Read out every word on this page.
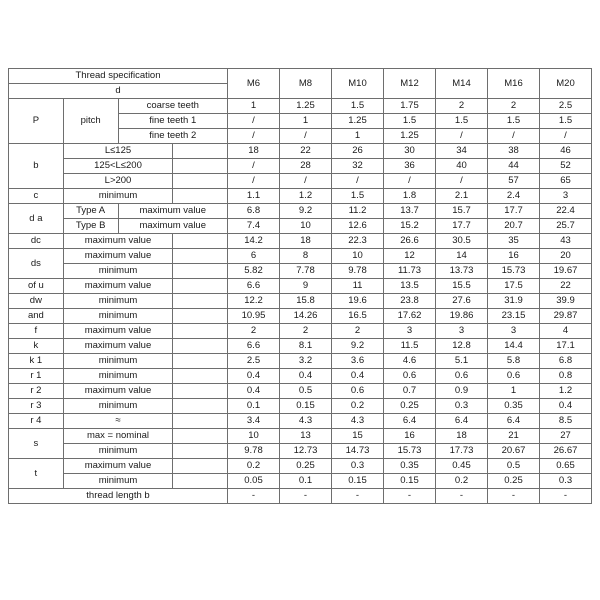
Thread specification				M6	M8	M10	M12	M14	M16	M20
d										
P	pitch	coarse teeth		1	1.25	1.5	1.75	2	2	2.5
		fine teeth 1		/	1	1.25	1.5	1.5	1.5	1.5
		fine teeth 2		/	/	1	1.25	/	/	/
b	L≤125			18	22	26	30	34	38	46
	125<L≤200			/	28	32	36	40	44	52
	L>200			/	/	/	/	/	57	65
c	minimum			1.1	1.2	1.5	1.8	2.1	2.4	3
d a	Type A	maximum value		6.8	9.2	11.2	13.7	15.7	17.7	22.4
	Type B	maximum value		7.4	10	12.6	15.2	17.7	20.7	25.7
dc	maximum value			14.2	18	22.3	26.6	30.5	35	43
ds	maximum value			6	8	10	12	14	16	20
	minimum			5.82	7.78	9.78	11.73	13.73	15.73	19.67
of u	maximum value			6.6	9	11	13.5	15.5	17.5	22
dw	minimum			12.2	15.8	19.6	23.8	27.6	31.9	39.9
and	minimum			10.95	14.26	16.5	17.62	19.86	23.15	29.87
f	maximum value			2	2	2	3	3	3	4
k	maximum value			6.6	8.1	9.2	11.5	12.8	14.4	17.1
k 1	minimum			2.5	3.2	3.6	4.6	5.1	5.8	6.8
r 1	minimum			0.4	0.4	0.4	0.6	0.6	0.6	0.8
r 2	maximum value			0.4	0.5	0.6	0.7	0.9	1	1.2
r 3	minimum			0.1	0.15	0.2	0.25	0.3	0.35	0.4
r 4	≈			3.4	4.3	4.3	6.4	6.4	6.4	8.5
s	max = nominal			10	13	15	16	18	21	27
	minimum			9.78	12.73	14.73	15.73	17.73	20.67	26.67
t	maximum value			0.2	0.25	0.3	0.35	0.45	0.5	0.65
	minimum			0.05	0.1	0.15	0.15	0.2	0.25	0.3
thread length b				-	-	-	-	-	-	-
